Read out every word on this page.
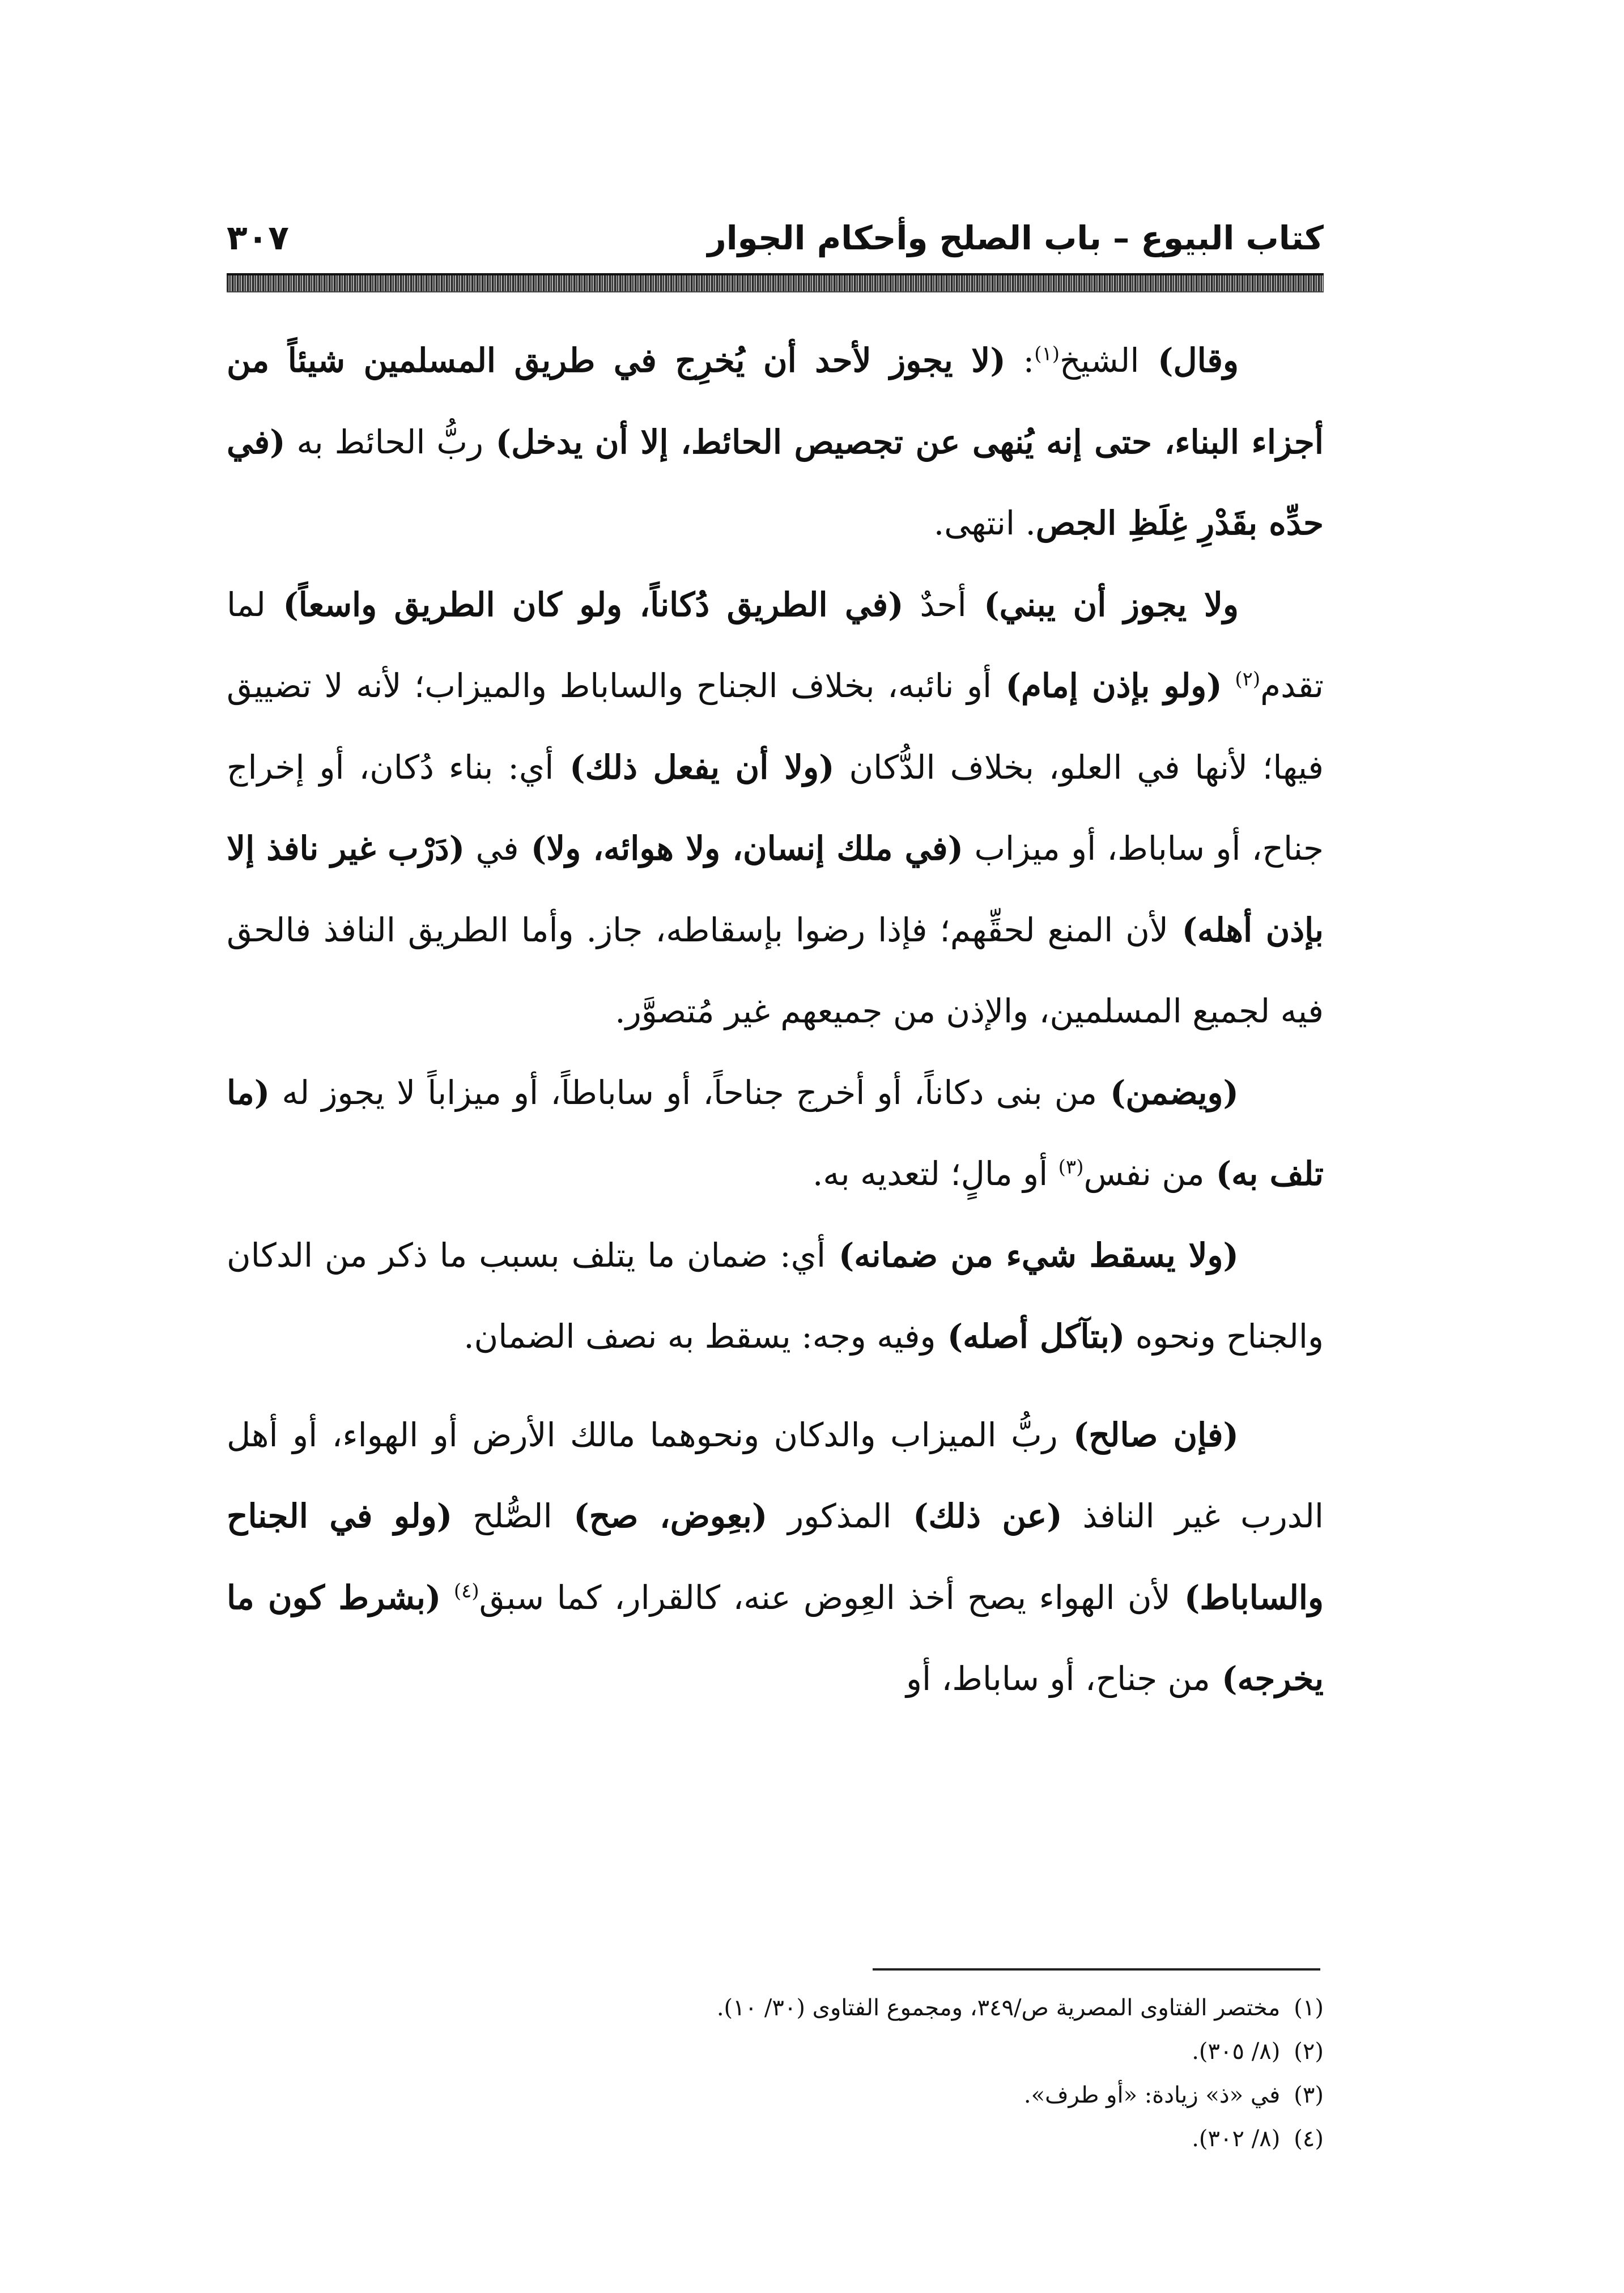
كتاب البيوع – باب الصلح وأحكام الجوار
٣٠٧

وقال) الشيخ$^{(١)}$: (لا يجوز لأحد أن يُخرِج في طريق المسلمين شيئاً من أجزاء البناء، حتى إنه يُنهى عن تجصيص الحائط، إلا أن يدخل) ربُّ الحائط به (في حدِّه بقَدْرِ غِلَظِ الجص. انتهى.

ولا يجوز أن يبني) أحدٌ (في الطريق دُكاناً، ولو كان الطريق واسعاً) لما تقدم$^{(٢)}$ (ولو بإذن إمام) أو نائبه، بخلاف الجناح والساباط والميزاب؛ لأنه لا تضييق فيها؛ لأنها في العلو، بخلاف الدُّكان (ولا أن يفعل ذلك) أي: بناء دُكان، أو إخراج جناح، أو ساباط، أو ميزاب (في ملك إنسان، ولا هوائه، ولا) في (دَرْب غير نافذ إلا بإذن أهله) لأن المنع لحقِّهم؛ فإذا رضوا بإسقاطه، جاز. وأما الطريق النافذ فالحق فيه لجميع المسلمين، والإذن من جميعهم غير مُتصوَّر.

(ويضمن) من بنى دكاناً، أو أخرج جناحاً، أو ساباطاً، أو ميزاباً لا يجوز له (ما تلف به) من نفس$^{(٣)}$ أو مالٍ؛ لتعديه به.

(ولا يسقط شيء من ضمانه) أي: ضمان ما يتلف بسبب ما ذكر من الدكان والجناح ونحوه (بتآكل أصله) وفيه وجه: يسقط به نصف الضمان.

(فإن صالح) ربُّ الميزاب والدكان ونحوهما مالك الأرض أو الهواء، أو أهل الدرب غير النافذ (عن ذلك) المذكور (بعِوض، صح) الصُّلح (ولو في الجناح والساباط) لأن الهواء يصح أخذ العِوض عنه، كالقرار، كما سبق$^{(٤)}$ (بشرط كون ما يخرجه) من جناح، أو ساباط، أو

(١)مختصر الفتاوى المصرية ص/٣٤٩، ومجموع الفتاوى (٣٠/ ١٠).
(٢)(٨/ ٣٠٥).
(٣)في «ذ» زيادة: «أو طرف».
(٤)(٨/ ٣٠٢).
